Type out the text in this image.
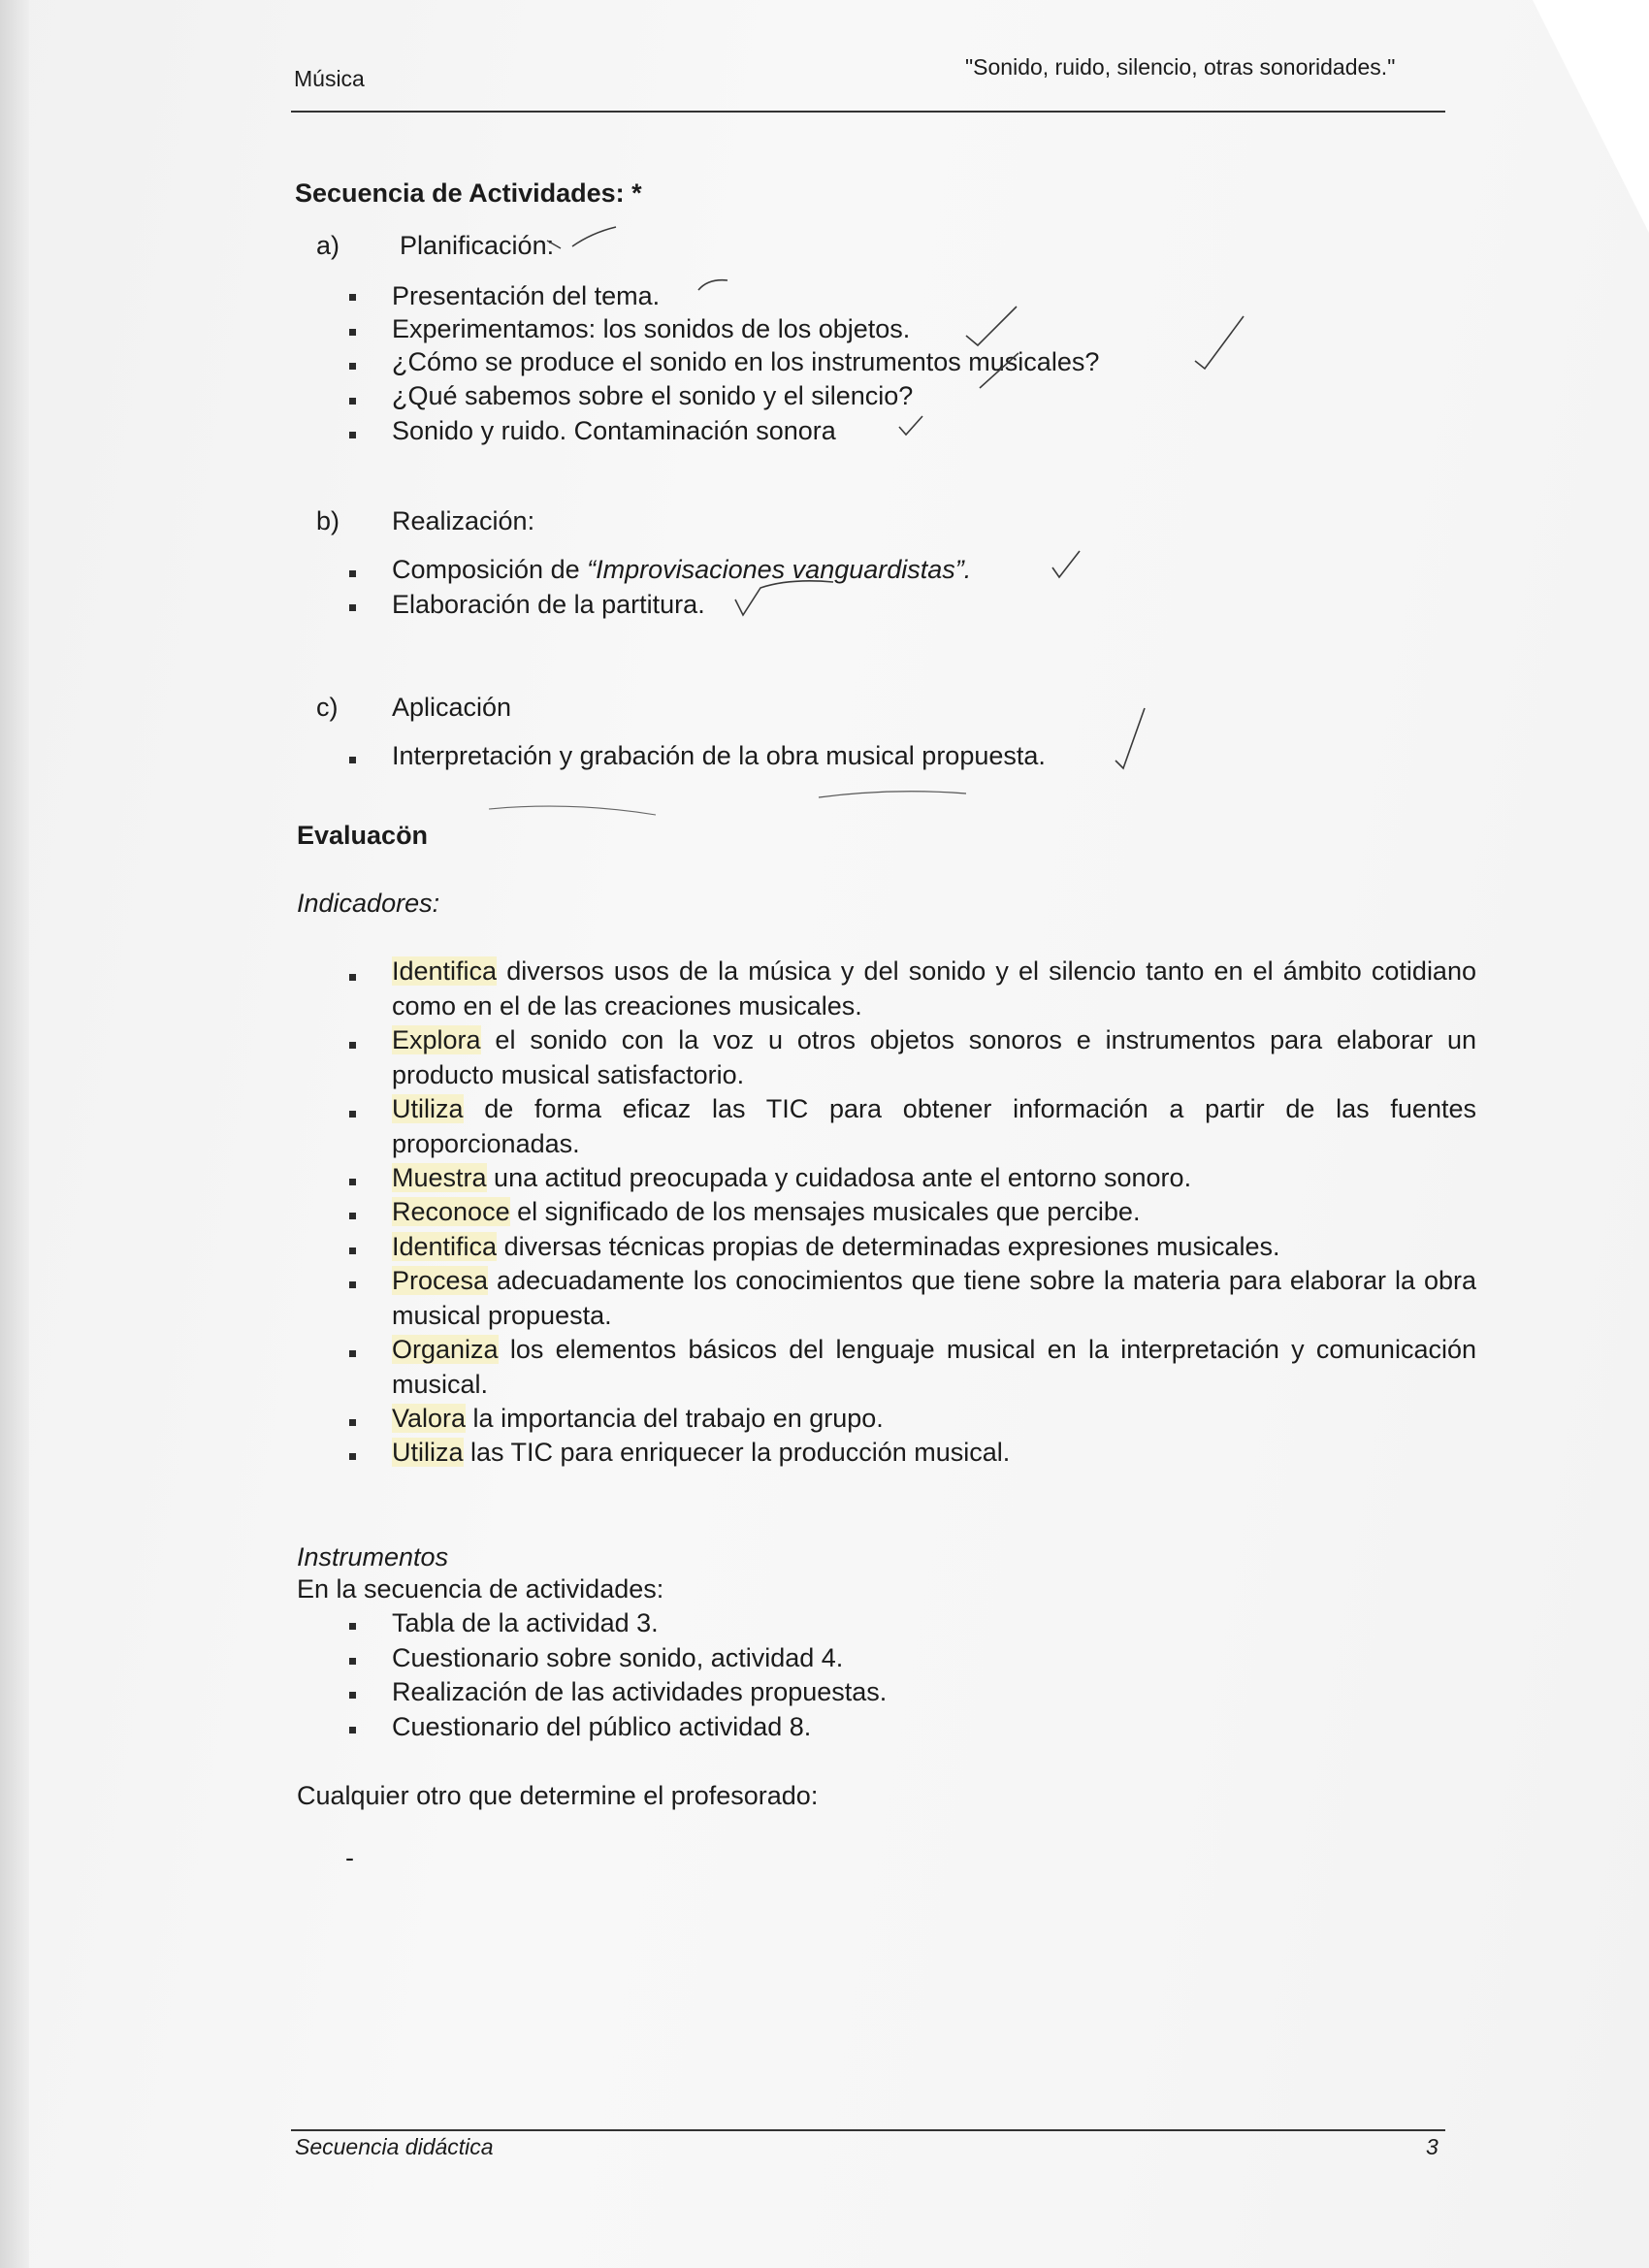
Música	"Sonido, ruido, silencio, otras sonoridades."
Secuencia de Actividades: *
a) Planificación:
Presentación del tema.
Experimentamos: los sonidos de los objetos.
¿Cómo se produce el sonido en los instrumentos musicales?
¿Qué sabemos sobre el sonido y el silencio?
Sonido y ruido. Contaminación sonora
b) Realización:
Composición de “Improvisaciones vanguardistas”.
Elaboración de la partitura.
c) Aplicación
Interpretación y grabación de la obra musical propuesta.
Evaluacön
Indicadores:
Identifica diversos usos de la música y del sonido y el silencio tanto en el ámbito cotidiano como en el de las creaciones musicales.
Explora el sonido con la voz u otros objetos sonoros e instrumentos para elaborar un producto musical satisfactorio.
Utiliza de forma eficaz las TIC para obtener información a partir de las fuentes proporcionadas.
Muestra una actitud preocupada y cuidadosa ante el entorno sonoro.
Reconoce el significado de los mensajes musicales que percibe.
Identifica diversas técnicas propias de determinadas expresiones musicales.
Procesa adecuadamente los conocimientos que tiene sobre la materia para elaborar la obra musical propuesta.
Organiza los elementos básicos del lenguaje musical en la interpretación y comunicación musical.
Valora la importancia del trabajo en grupo.
Utiliza las TIC para enriquecer la producción musical.
Instrumentos
En la secuencia de actividades:
Tabla de la actividad 3.
Cuestionario sobre sonido, actividad 4.
Realización de las actividades propuestas.
Cuestionario del público actividad 8.
Cualquier otro que determine el profesorado:
-
Secuencia didáctica	3
